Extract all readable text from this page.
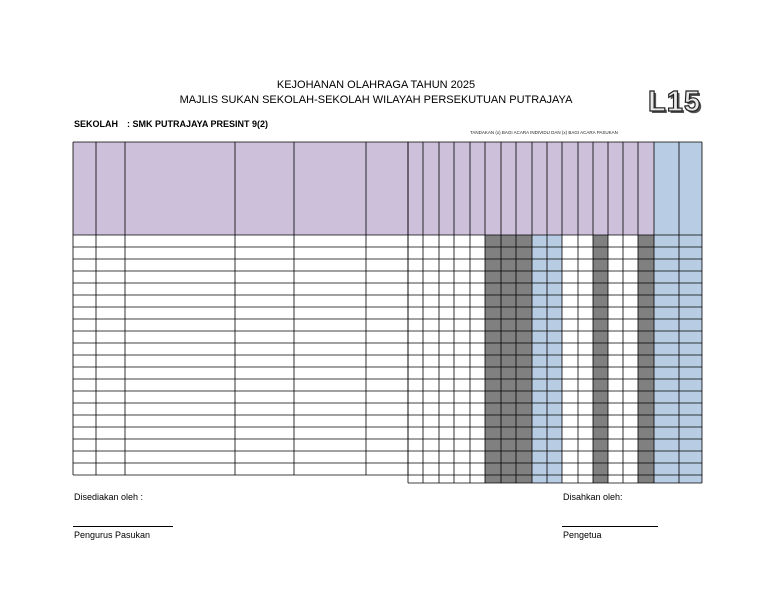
KEJOHANAN OLAHRAGA TAHUN 2025
MAJLIS SUKAN SEKOLAH-SEKOLAH WILAYAH PERSEKUTUAN PUTRAJAYA	L15
SEKOLAH : SMK PUTRAJAYA PRESINT 9(2)
TANDAKAN (x) BAGI ACARA INDIVIDU DAN (x) BAGI ACARA PASUKAN
Disediakan oleh :
Pengurus Pasukan
Disahkan oleh:
Pengetua
